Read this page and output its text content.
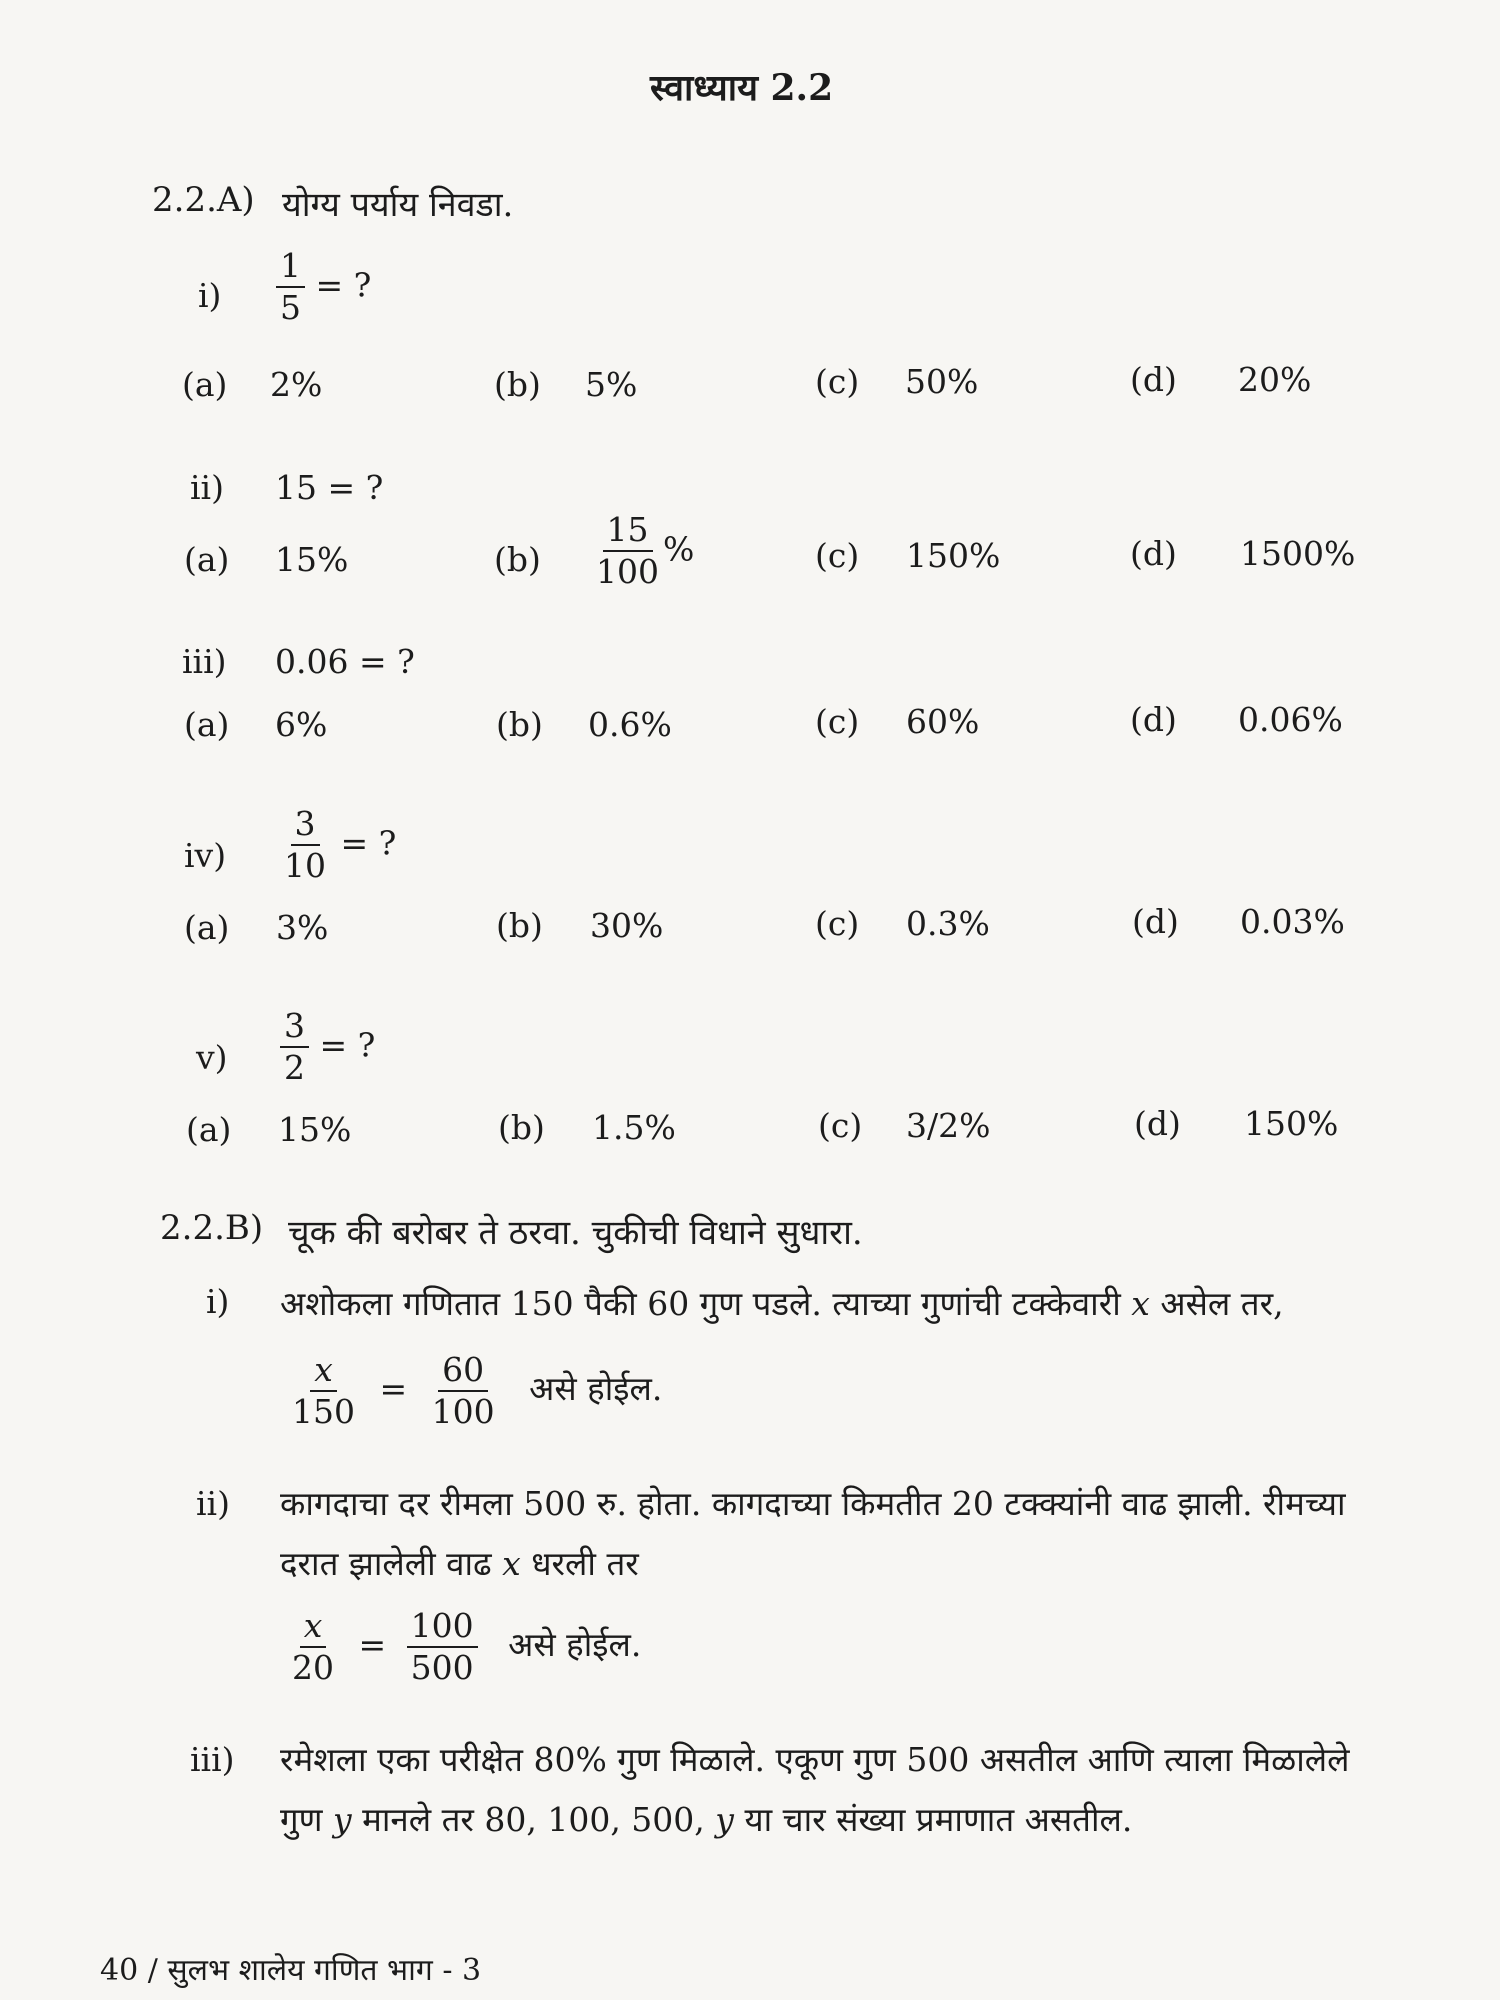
स्वाध्याय 2.2
2.2.A) योग्य पर्याय निवडा.
$i) \frac{1}{5}$ = ?
(a) 2%	(b) 5%	(c) 50%	(d) 20%
ii) 15 = ?
(a) 15%	$(b) \frac{15}{100}$ %	(c) 150%	(d) 1500%
iii) 0.06 = ?
(a) 6%	(b) 0.6%	(c) 60%	(d) 0.06%
$iv) \frac{3}{10}$ = ?
(a) 3%	(b) 30%	(c) 0.3%	(d) 0.03%
$v) \frac{3}{2}$ = ?
(a) 15%	(b) 1.5%	(c) 3/2%	(d) 150%
2.2.B) चूक की बरोबर ते ठरवा. चुकीची विधाने सुधारा.
i) अशोकला गणितात 150 पैकी 60 गुण पडले. त्याच्या गुणांची टक्केवारी x असेल तर,
$\frac{x}{150} = \frac{60}{100}$ असे होईल.
ii) कागदाचा दर रीमला 500 रु. होता. कागदाच्या किमतीत 20 टक्क्यांनी वाढ झाली. रीमच्या
दरात झालेली वाढ x धरली तर
$\frac{x}{20} = \frac{100}{500}$ असे होईल.
iii) रमेशला एका परीक्षेत 80% गुण मिळाले. एकूण गुण 500 असतील आणि त्याला मिळालेले
गुण y मानले तर 80, 100, 500, y या चार संख्या प्रमाणात असतील.
40 / सुलभ शालेय गणित भाग - 3
